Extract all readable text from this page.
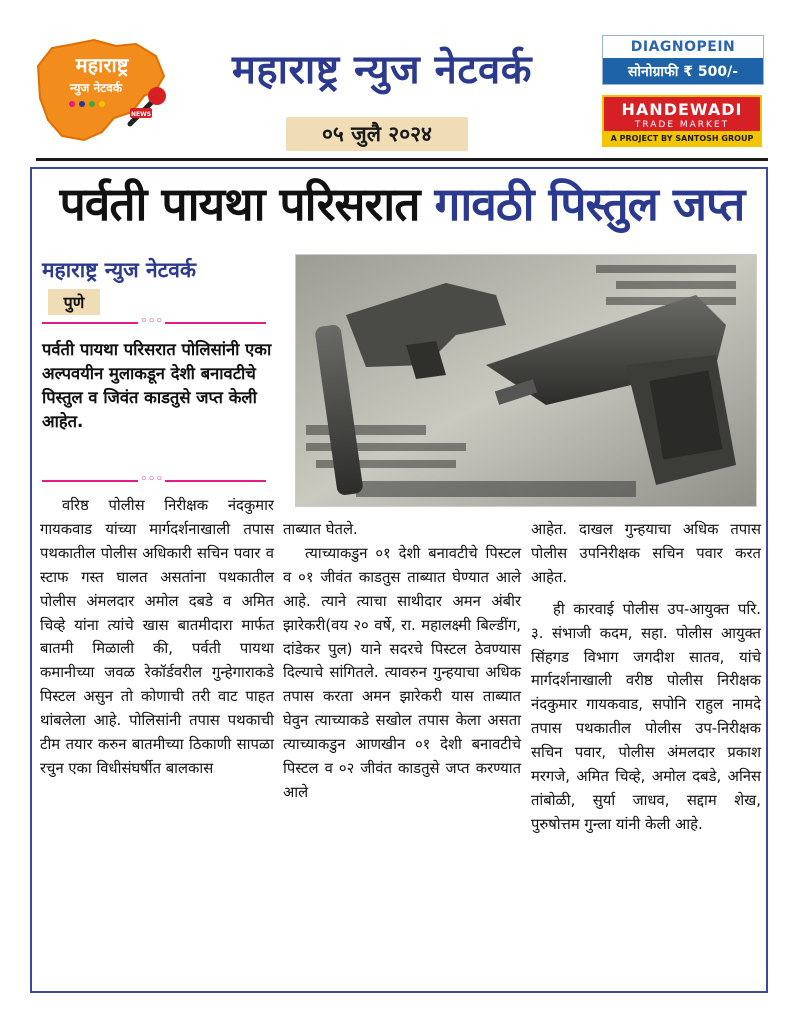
महाराष्ट्र
न्युज नेटवर्क
NEWS
महाराष्ट्र न्युज नेटवर्क
०५ जुलै २०२४
DIAGNOPEIN
सोनोग्राफी ₹ 500/-
HANDEWADI
TRADE MARKET
A PROJECT BY SANTOSH GROUP
पर्वती पायथा परिसरात गावठी पिस्तुल जप्त
महाराष्ट्र न्युज नेटवर्क
पुणे
◦◦◦
पर्वती पायथा परिसरात पोलिसांनी एका अल्पवयीन मुलाकडून देशी बनावटीचे पिस्तुल व जिवंत काडतुसे जप्त केली आहेत.
◦◦◦
वरिष्ठ पोलीस निरीक्षक नंदकुमार गायकवाड यांच्या मार्गदर्शनाखाली तपास पथकातील पोलीस अधिकारी सचिन पवार व स्टाफ गस्त घालत असतांना पथकातील पोलीस अंमलदार अमोल दबडे व अमित चिव्हे यांना त्यांचे खास बातमीदारा मार्फत बातमी मिळाली की, पर्वती पायथा कमानीच्या जवळ रेकॉर्डवरील गुन्हेगाराकडे पिस्टल असुन तो कोणाची तरी वाट पाहत थांबलेला आहे. पोलिसांनी तपास पथकाची टीम तयार करुन बातमीच्या ठिकाणी सापळा रचुन एका विधीसंघर्षीत बालकास
ताब्यात घेतले.
त्याच्याकडुन ०१ देशी बनावटीचे पिस्टल व ०१ जीवंत काडतुस ताब्यात घेण्यात आले आहे. त्याने त्याचा साथीदार अमन अंबीर झारेकरी(वय २० वर्षे, रा. महालक्ष्मी बिल्डींग, दांडेकर पुल) याने सदरचे पिस्टल ठेवण्यास दिल्याचे सांगितले. त्यावरुन गुन्हयाचा अधिक तपास करता अमन झारेकरी यास ताब्यात घेवुन त्याच्याकडे सखोल तपास केला असता त्याच्याकडुन आणखीन ०१ देशी बनावटीचे पिस्टल व ०२ जीवंत काडतुसे जप्त करण्यात आले
आहेत. दाखल गुन्हयाचा अधिक तपास पोलीस उपनिरीक्षक सचिन पवार करत आहेत.
ही कारवाई पोलीस उप-आयुक्त परि. ३. संभाजी कदम, सहा. पोलीस आयुक्त सिंहगड विभाग जगदीश सातव, यांचे मार्गदर्शनाखाली वरीष्ठ पोलीस निरीक्षक नंदकुमार गायकवाड, सपोनि राहुल नामदे तपास पथकातील पोलीस उप-निरीक्षक सचिन पवार, पोलीस अंमलदार प्रकाश मरगजे, अमित चिव्हे, अमोल दबडे, अनिस तांबोळी, सुर्या जाधव, सद्दाम शेख, पुरुषोत्तम गुन्ला यांनी केली आहे.
